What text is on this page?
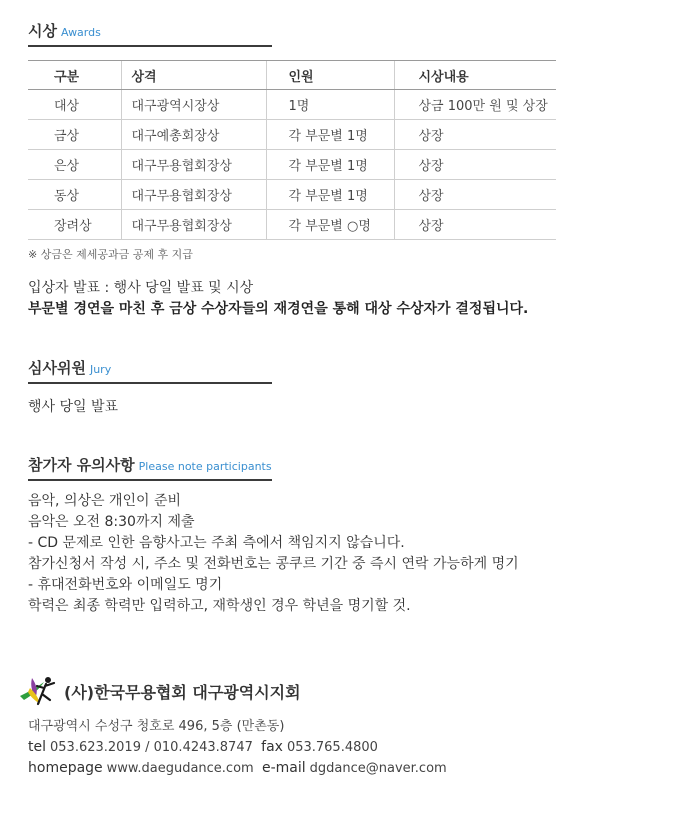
시상 Awards
구분	상격	인원	시상내용
대상	대구광역시장상	1명	상금 100만 원 및 상장
금상	대구예총회장상	각 부문별 1명	상장
은상	대구무용협회장상	각 부문별 1명	상장
동상	대구무용협회장상	각 부문별 1명	상장
장려상	대구무용협회장상	각 부문별 ○명	상장
※ 상금은 제세공과금 공제 후 지급
입상자 발표 : 행사 당일 발표 및 시상
부문별 경연을 마친 후 금상 수상자들의 재경연을 통해 대상 수상자가 결정됩니다.
심사위원 Jury
행사 당일 발표
참가자 유의사항 Please note participants
음악, 의상은 개인이 준비
음악은 오전 8:30까지 제출
- CD 문제로 인한 음향사고는 주최 측에서 책임지지 않습니다.
참가신청서 작성 시, 주소 및 전화번호는 콩쿠르 기간 중 즉시 연락 가능하게 명기
- 휴대전화번호와 이메일도 명기
학력은 최종 학력만 입력하고, 재학생인 경우 학년을 명기할 것.
(사)한국무용협회 대구광역시지회
대구광역시 수성구 청호로 496, 5층 (만촌동)
tel 053.623.2019 / 010.4243.8747 fax 053.765.4800
homepage www.daegudance.com e-mail dgdance@naver.com
